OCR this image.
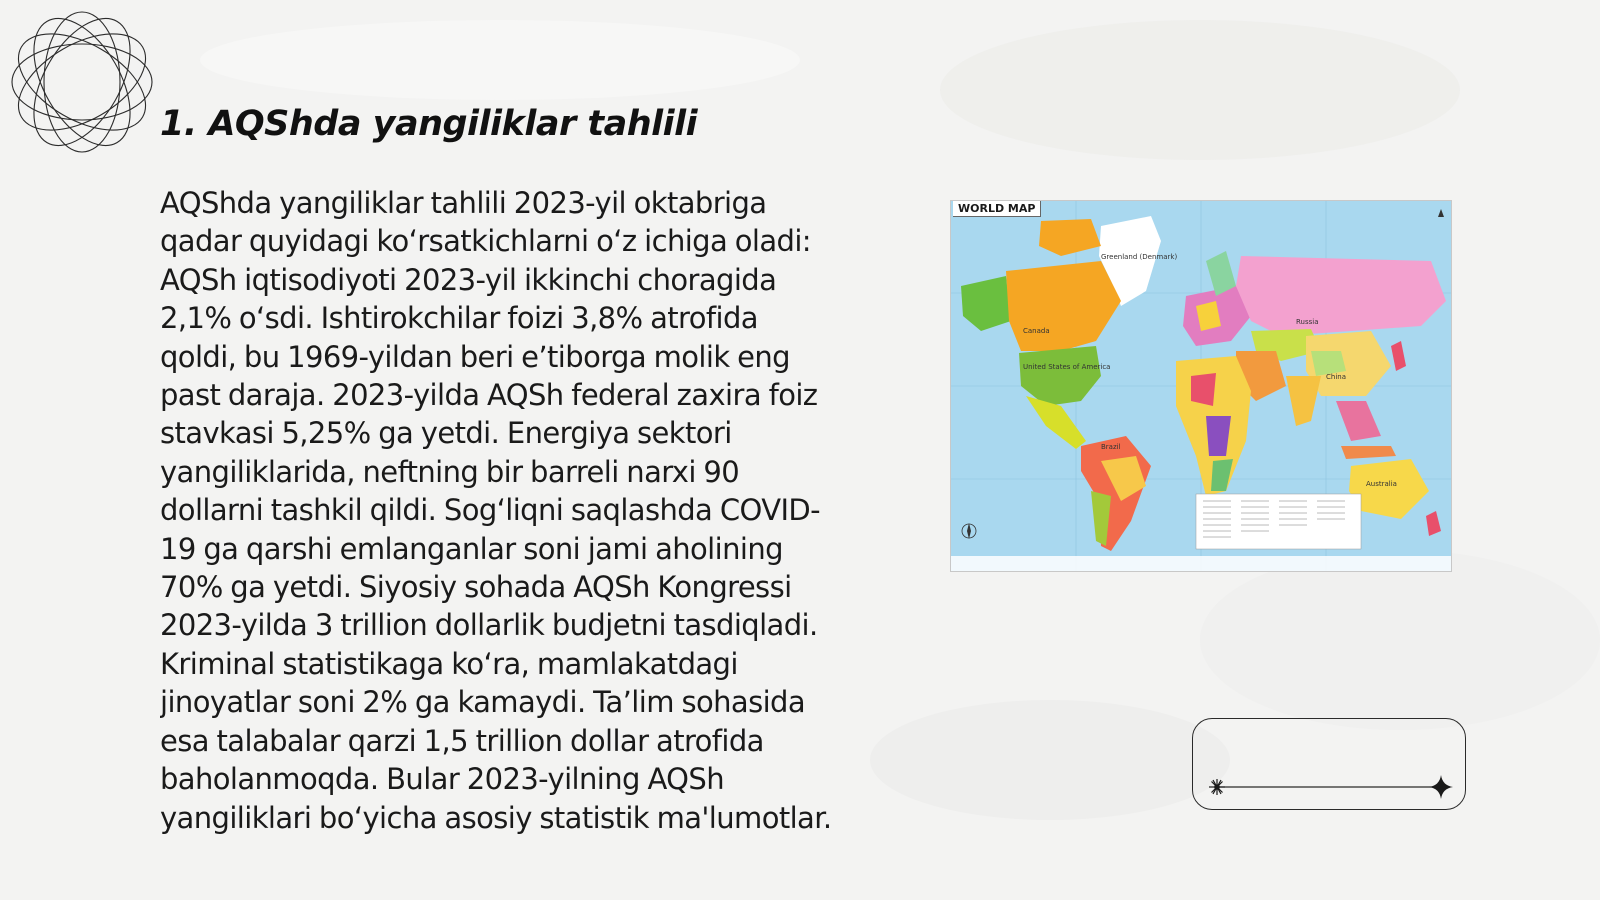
1. AQShda yangiliklar tahlili

AQShda yangiliklar tahlili 2023-yil oktabriga qadar quyidagi ko‘rsatkichlarni o‘z ichiga oladi: AQSh iqtisodiyoti 2023-yil ikkinchi choragida 2,1% o‘sdi. Ishtirokchilar foizi 3,8% atrofida qoldi, bu 1969-yildan beri e’tiborga molik eng past daraja. 2023-yilda AQSh federal zaxira foiz stavkasi 5,25% ga yetdi. Energiya sektori yangiliklarida, neftning bir barreli narxi 90 dollarni tashkil qildi. Sog‘liqni saqlashda COVID-19 ga qarshi emlanganlar soni jami aholining 70% ga yetdi. Siyosiy sohada AQSh Kongressi 2023-yilda 3 trillion dollarlik budjetni tasdiqladi. Kriminal statistikaga ko‘ra, mamlakatdagi jinoyatlar soni 2% ga kamaydi. Ta’lim sohasida esa talabalar qarzi 1,5 trillion dollar atrofida baholanmoqda. Bular 2023-yilning AQSh yangiliklari bo‘yicha asosiy statistik ma'lumotlar.

Canada
United States of America
Brazil
Russia
China
Australia
Greenland (Denmark)
WORLD MAP
